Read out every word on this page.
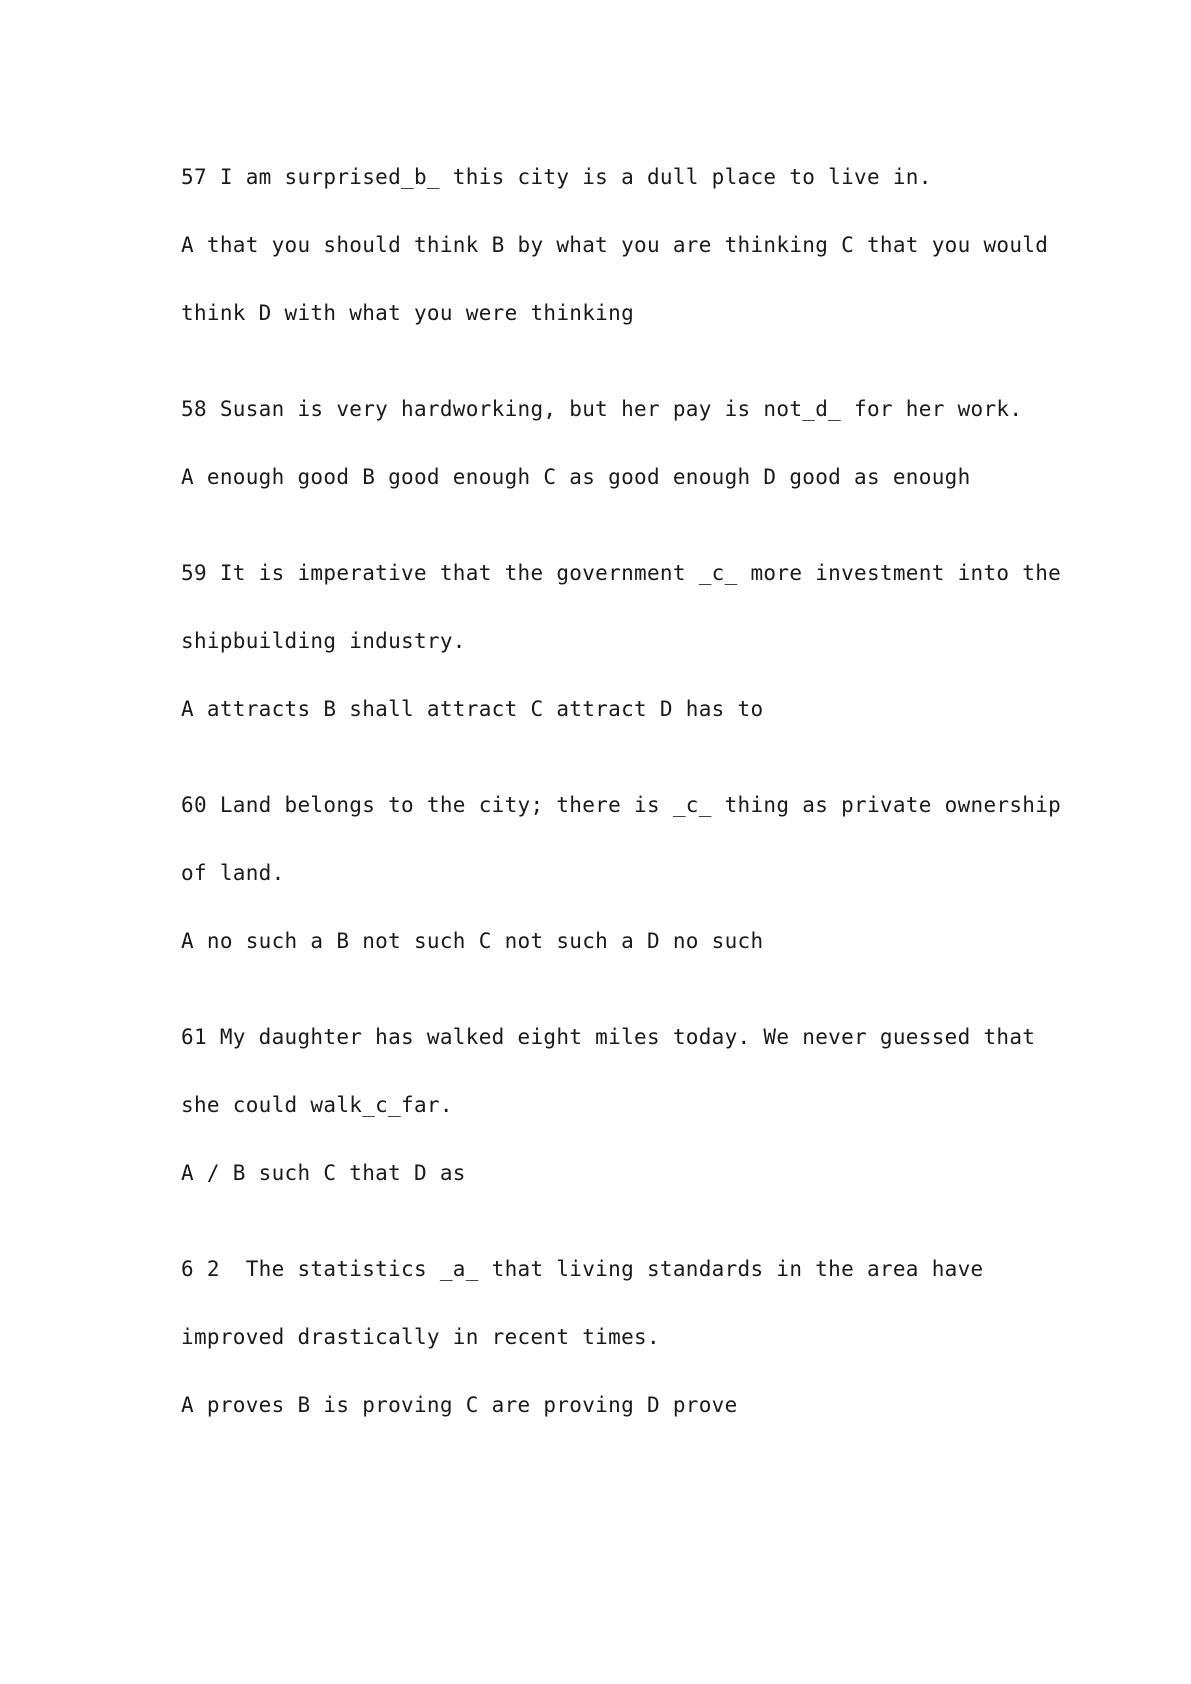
57 I am surprised_b_ this city is a dull place to live in.

A that you should think B by what you are thinking C that you would

think D with what you were thinking

58 Susan is very hardworking, but her pay is not_d_ for her work.

A enough good B good enough C as good enough D good as enough

59 It is imperative that the government _c_ more investment into the

shipbuilding industry.

A attracts B shall attract C attract D has to

60 Land belongs to the city; there is _c_ thing as private ownership

of land.

A no such a B not such C not such a D no such

61 My daughter has walked eight miles today. We never guessed that

she could walk_c_far.

A / B such C that D as

6 2  The statistics _a_ that living standards in the area have

improved drastically in recent times.

A proves B is proving C are proving D prove
